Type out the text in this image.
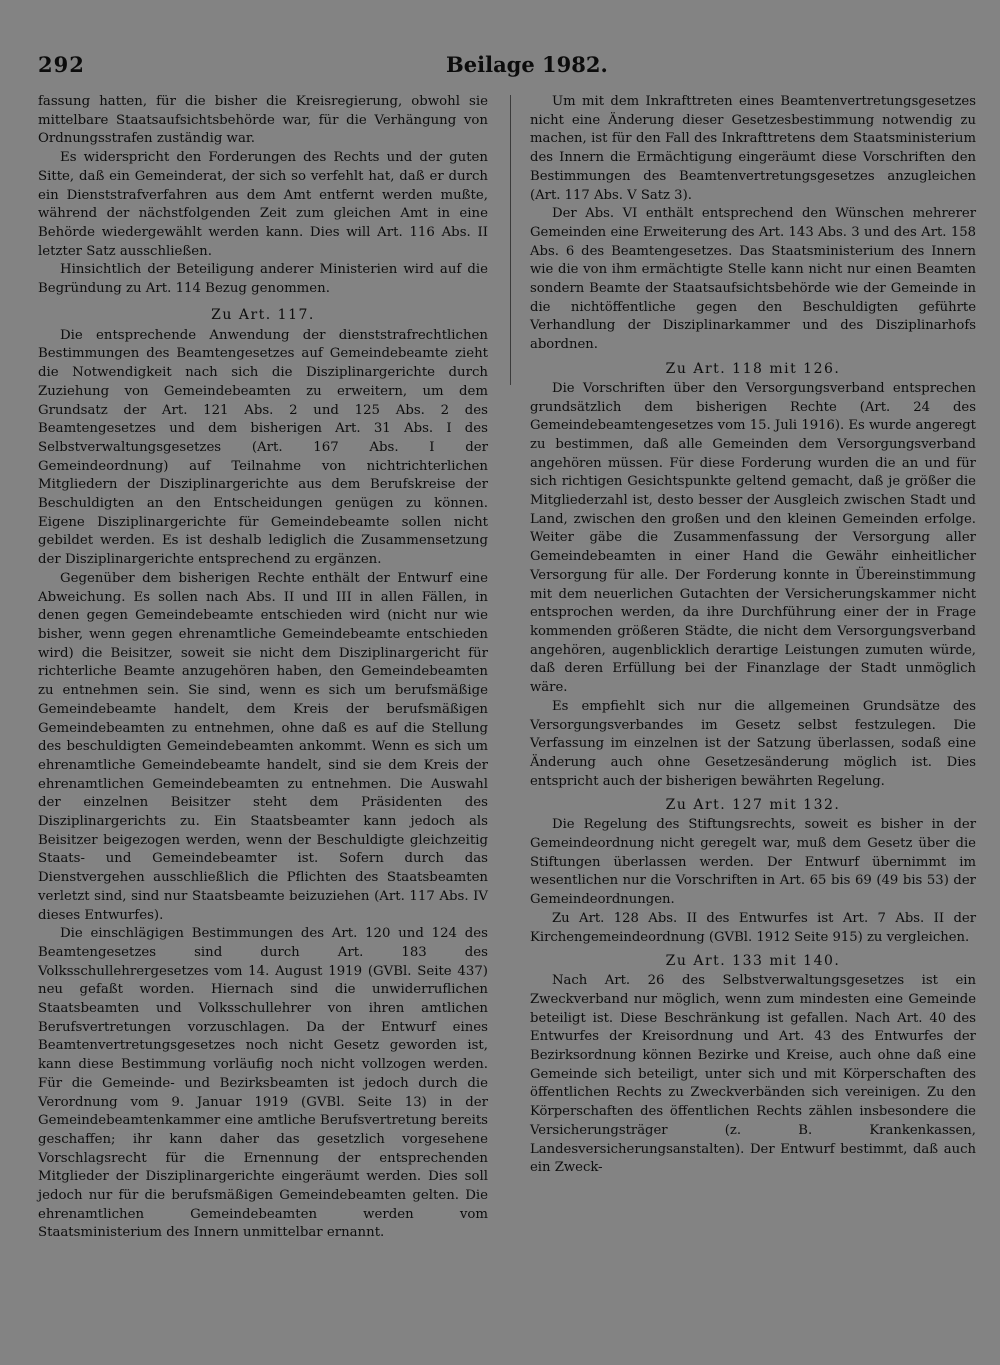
292	Beilage 1982.

fassung hatten, für die bisher die Kreisregierung, obwohl sie mittelbare Staatsaufsichtsbehörde war, für die Verhängung von Ordnungsstrafen zuständig war.

Es widerspricht den Forderungen des Rechts und der guten Sitte, daß ein Gemeinderat, der sich so verfehlt hat, daß er durch ein Dienststrafverfahren aus dem Amt entfernt werden mußte, während der nächstfolgenden Zeit zum gleichen Amt in eine Behörde wiedergewählt werden kann. Dies will Art. 116 Abs. II letzter Satz ausschließen.

Hinsichtlich der Beteiligung anderer Ministerien wird auf die Begründung zu Art. 114 Bezug genommen.

Zu Art. 117.

Die entsprechende Anwendung der dienststrafrechtlichen Bestimmungen des Beamtengesetzes auf Gemeindebeamte zieht die Notwendigkeit nach sich die Disziplinargerichte durch Zuziehung von Gemeindebeamten zu erweitern, um dem Grundsatz der Art. 121 Abs. 2 und 125 Abs. 2 des Beamtengesetzes und dem bisherigen Art. 31 Abs. I des Selbstverwaltungsgesetzes (Art. 167 Abs. I der Gemeindeordnung) auf Teilnahme von nichtrichterlichen Mitgliedern der Disziplinargerichte aus dem Berufskreise der Beschuldigten an den Entscheidungen genügen zu können. Eigene Disziplinargerichte für Gemeindebeamte sollen nicht gebildet werden. Es ist deshalb lediglich die Zusammensetzung der Disziplinargerichte entsprechend zu ergänzen.

Gegenüber dem bisherigen Rechte enthält der Entwurf eine Abweichung. Es sollen nach Abs. II und III in allen Fällen, in denen gegen Gemeindebeamte entschieden wird (nicht nur wie bisher, wenn gegen ehrenamtliche Gemeindebeamte entschieden wird) die Beisitzer, soweit sie nicht dem Disziplinargericht für richterliche Beamte anzugehören haben, den Gemeindebeamten zu entnehmen sein. Sie sind, wenn es sich um berufsmäßige Gemeindebeamte handelt, dem Kreis der berufsmäßigen Gemeindebeamten zu entnehmen, ohne daß es auf die Stellung des beschuldigten Gemeindebeamten ankommt. Wenn es sich um ehrenamtliche Gemeindebeamte handelt, sind sie dem Kreis der ehrenamtlichen Gemeindebeamten zu entnehmen. Die Auswahl der einzelnen Beisitzer steht dem Präsidenten des Disziplinargerichts zu. Ein Staatsbeamter kann jedoch als Beisitzer beigezogen werden, wenn der Beschuldigte gleichzeitig Staats- und Gemeindebeamter ist. Sofern durch das Dienstvergehen ausschließlich die Pflichten des Staatsbeamten verletzt sind, sind nur Staatsbeamte beizuziehen (Art. 117 Abs. IV dieses Entwurfes).

Die einschlägigen Bestimmungen des Art. 120 und 124 des Beamtengesetzes sind durch Art. 183 des Volksschullehrergesetzes vom 14. August 1919 (GVBl. Seite 437) neu gefaßt worden. Hiernach sind die unwiderruflichen Staatsbeamten und Volksschullehrer von ihren amtlichen Berufsvertretungen vorzuschlagen. Da der Entwurf eines Beamtenvertretungsgesetzes noch nicht Gesetz geworden ist, kann diese Bestimmung vorläufig noch nicht vollzogen werden. Für die Gemeinde- und Bezirksbeamten ist jedoch durch die Verordnung vom 9. Januar 1919 (GVBl. Seite 13) in der Gemeindebeamtenkammer eine amtliche Berufsvertretung bereits geschaffen; ihr kann daher das gesetzlich vorgesehene Vorschlagsrecht für die Ernennung der entsprechenden Mitglieder der Disziplinargerichte eingeräumt werden. Dies soll jedoch nur für die berufsmäßigen Gemeindebeamten gelten. Die ehrenamtlichen Gemeindebeamten werden vom Staatsministerium des Innern unmittelbar ernannt.

Um mit dem Inkrafttreten eines Beamtenvertretungsgesetzes nicht eine Änderung dieser Gesetzesbestimmung notwendig zu machen, ist für den Fall des Inkrafttretens dem Staatsministerium des Innern die Ermächtigung eingeräumt diese Vorschriften den Bestimmungen des Beamtenvertretungsgesetzes anzugleichen (Art. 117 Abs. V Satz 3).

Der Abs. VI enthält entsprechend den Wünschen mehrerer Gemeinden eine Erweiterung des Art. 143 Abs. 3 und des Art. 158 Abs. 6 des Beamtengesetzes. Das Staatsministerium des Innern wie die von ihm ermächtigte Stelle kann nicht nur einen Beamten sondern Beamte der Staatsaufsichtsbehörde wie der Gemeinde in die nichtöffentliche gegen den Beschuldigten geführte Verhandlung der Disziplinarkammer und des Disziplinarhofs abordnen.

Zu Art. 118 mit 126.

Die Vorschriften über den Versorgungsverband entsprechen grundsätzlich dem bisherigen Rechte (Art. 24 des Gemeindebeamtengesetzes vom 15. Juli 1916). Es wurde angeregt zu bestimmen, daß alle Gemeinden dem Versorgungsverband angehören müssen. Für diese Forderung wurden die an und für sich richtigen Gesichtspunkte geltend gemacht, daß je größer die Mitgliederzahl ist, desto besser der Ausgleich zwischen Stadt und Land, zwischen den großen und den kleinen Gemeinden erfolge. Weiter gäbe die Zusammenfassung der Versorgung aller Gemeindebeamten in einer Hand die Gewähr einheitlicher Versorgung für alle. Der Forderung konnte in Übereinstimmung mit dem neuerlichen Gutachten der Versicherungskammer nicht entsprochen werden, da ihre Durchführung einer der in Frage kommenden größeren Städte, die nicht dem Versorgungsverband angehören, augenblicklich derartige Leistungen zumuten würde, daß deren Erfüllung bei der Finanzlage der Stadt unmöglich wäre.

Es empfiehlt sich nur die allgemeinen Grundsätze des Versorgungsverbandes im Gesetz selbst festzulegen. Die Verfassung im einzelnen ist der Satzung überlassen, sodaß eine Änderung auch ohne Gesetzesänderung möglich ist. Dies entspricht auch der bisherigen bewährten Regelung.

Zu Art. 127 mit 132.

Die Regelung des Stiftungsrechts, soweit es bisher in der Gemeindeordnung nicht geregelt war, muß dem Gesetz über die Stiftungen überlassen werden. Der Entwurf übernimmt im wesentlichen nur die Vorschriften in Art. 65 bis 69 (49 bis 53) der Gemeindeordnungen.

Zu Art. 128 Abs. II des Entwurfes ist Art. 7 Abs. II der Kirchengemeindeordnung (GVBl. 1912 Seite 915) zu vergleichen.

Zu Art. 133 mit 140.

Nach Art. 26 des Selbstverwaltungsgesetzes ist ein Zweckverband nur möglich, wenn zum mindesten eine Gemeinde beteiligt ist. Diese Beschränkung ist gefallen. Nach Art. 40 des Entwurfes der Kreisordnung und Art. 43 des Entwurfes der Bezirksordnung können Bezirke und Kreise, auch ohne daß eine Gemeinde sich beteiligt, unter sich und mit Körperschaften des öffentlichen Rechts zu Zweckverbänden sich vereinigen. Zu den Körperschaften des öffentlichen Rechts zählen insbesondere die Versicherungsträger (z. B. Krankenkassen, Landesversicherungsanstalten). Der Entwurf bestimmt, daß auch ein Zweck-
